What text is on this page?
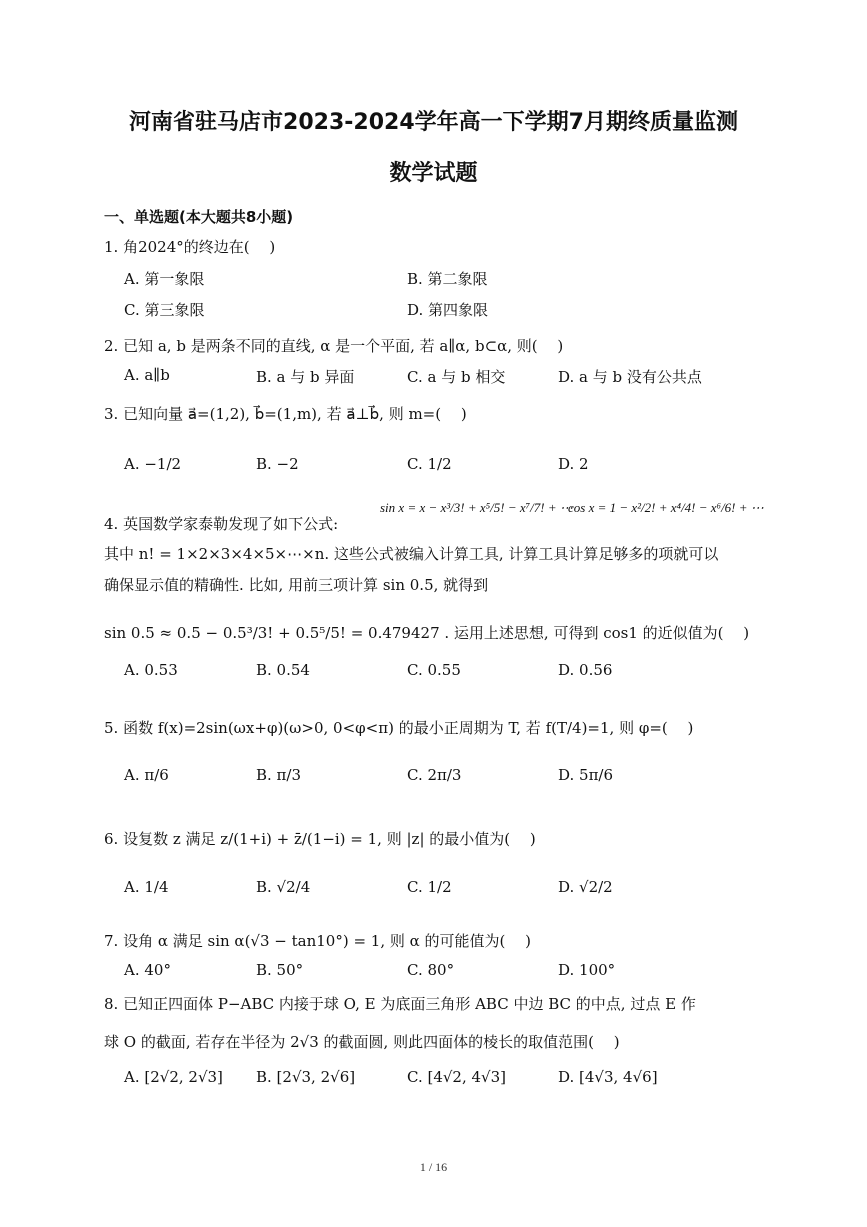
河南省驻马店市2023-2024学年高一下学期7月期终质量监测
数学试题
一、单选题(本大题共8小题)
1. 角2024°的终边在(　 )
A. 第一象限	B. 第二象限
C. 第三象限	D. 第四象限
2. 已知 a, b 是两条不同的直线, α 是一个平面, 若 a∥α, b⊂α, 则(　 )
A. a∥b	B. a 与 b 异面	C. a 与 b 相交	D. a 与 b 没有公共点
3. 已知向量 a⃗=(1,2), b⃗=(1,m), 若 a⃗⊥b⃗, 则 m=(　 )
A. −1/2	B. −2	C. 1/2	D. 2
4. 英国数学家泰勒发现了如下公式:
sin x = x − x³/3! + x⁵/5! − x⁷/7! + ⋯
cos x = 1 − x²/2! + x⁴/4! − x⁶/6! + ⋯
其中 n! = 1×2×3×4×5×⋯×n. 这些公式被编入计算工具, 计算工具计算足够多的项就可以
确保显示值的精确性. 比如, 用前三项计算 sin 0.5, 就得到
sin 0.5 ≈ 0.5 − 0.5³/3! + 0.5⁵/5! = 0.479427 . 运用上述思想, 可得到 cos1 的近似值为(　 )
A. 0.53	B. 0.54	C. 0.55	D. 0.56
5. 函数 f(x)=2sin(ωx+φ)(ω>0, 0<φ<π) 的最小正周期为 T, 若 f(T/4)=1, 则 φ=(　 )
A. π/6	B. π/3	C. 2π/3	D. 5π/6
6. 设复数 z 满足 z/(1+i) + z̄/(1−i) = 1, 则 |z| 的最小值为(　 )
A. 1/4	B. √2/4	C. 1/2	D. √2/2
7. 设角 α 满足 sin α(√3 − tan10°) = 1, 则 α 的可能值为(　 )
A. 40°	B. 50°	C. 80°	D. 100°
8. 已知正四面体 P−ABC 内接于球 O, E 为底面三角形 ABC 中边 BC 的中点, 过点 E 作
球 O 的截面, 若存在半径为 2√3 的截面圆, 则此四面体的棱长的取值范围(　 )
A. [2√2, 2√3] B. [2√3, 2√6]	C. [4√2, 4√3]	D. [4√3, 4√6]
1 / 16
